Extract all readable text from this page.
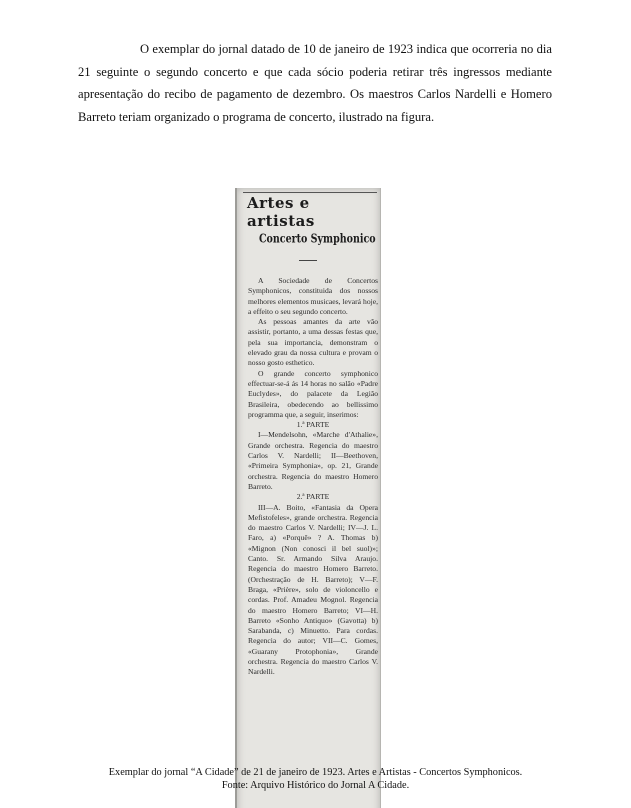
O exemplar do jornal datado de 10 de janeiro de 1923 indica que ocorreria no dia 21 seguinte o segundo concerto e que cada sócio poderia retirar três ingressos mediante apresentação do recibo de pagamento de dezembro. Os maestros Carlos Nardelli e Homero Barreto teriam organizado o programa de concerto, ilustrado na figura.

Artes e artistas
Concerto Symphonico

A Sociedade de Concertos Symphonicos, constituida dos nossos melhores elementos musicaes, levará hoje, a effeito o seu segundo concerto.

As pessoas amantes da arte vão assistir, portanto, a uma dessas festas que, pela sua importancia, demonstram o elevado grau da nossa cultura e provam o nosso gosto esthetico.

O grande concerto symphonico effectuar-se-á ás 14 horas no salão «Padre Euclydes», do palacete da Legião Brasileira, obedecendo ao bellissimo programma que, a seguir, inserimos:

1.ª PARTE

I—Mendelsohn, «Marche d'Athalie», Grande orchestra. Regencia do maestro Carlos V. Nardelli; II—Beethoven, «Primeira Symphonia», op. 21, Grande orchestra. Regencia do maestro Homero Barreto.

2.ª PARTE

III—A. Boito, «Fantasia da Opera Mefistofeles», grande orchestra. Regencia do maestro Carlos V. Nardelli; IV—J. L. Faro, a) «Porquê» ? A. Thomas b) «Mignon (Non conosci il bel suol)»; Canto. Sr. Armando Silva Araujo. Regencia do maestro Homero Barreto. (Orchestração de H. Barreto); V—F. Braga, «Prière», solo de violoncello e cordas. Prof. Amadeu Mognol. Regencia do maestro Homero Barreto; VI—H. Barreto «Sonho Antiquo» (Gavotta) b) Sarabanda, c) Minuetto. Para cordas. Regencia do autor; VII—C. Gomes, «Guarany Protophonia», Grande orchestra. Regencia do maestro Carlos V. Nardelli.

Exemplar do jornal “A Cidade” de 21 de janeiro de 1923. Artes e Artistas - Concertos Symphonicos.
Fonte: Arquivo Histórico do Jornal A Cidade.
